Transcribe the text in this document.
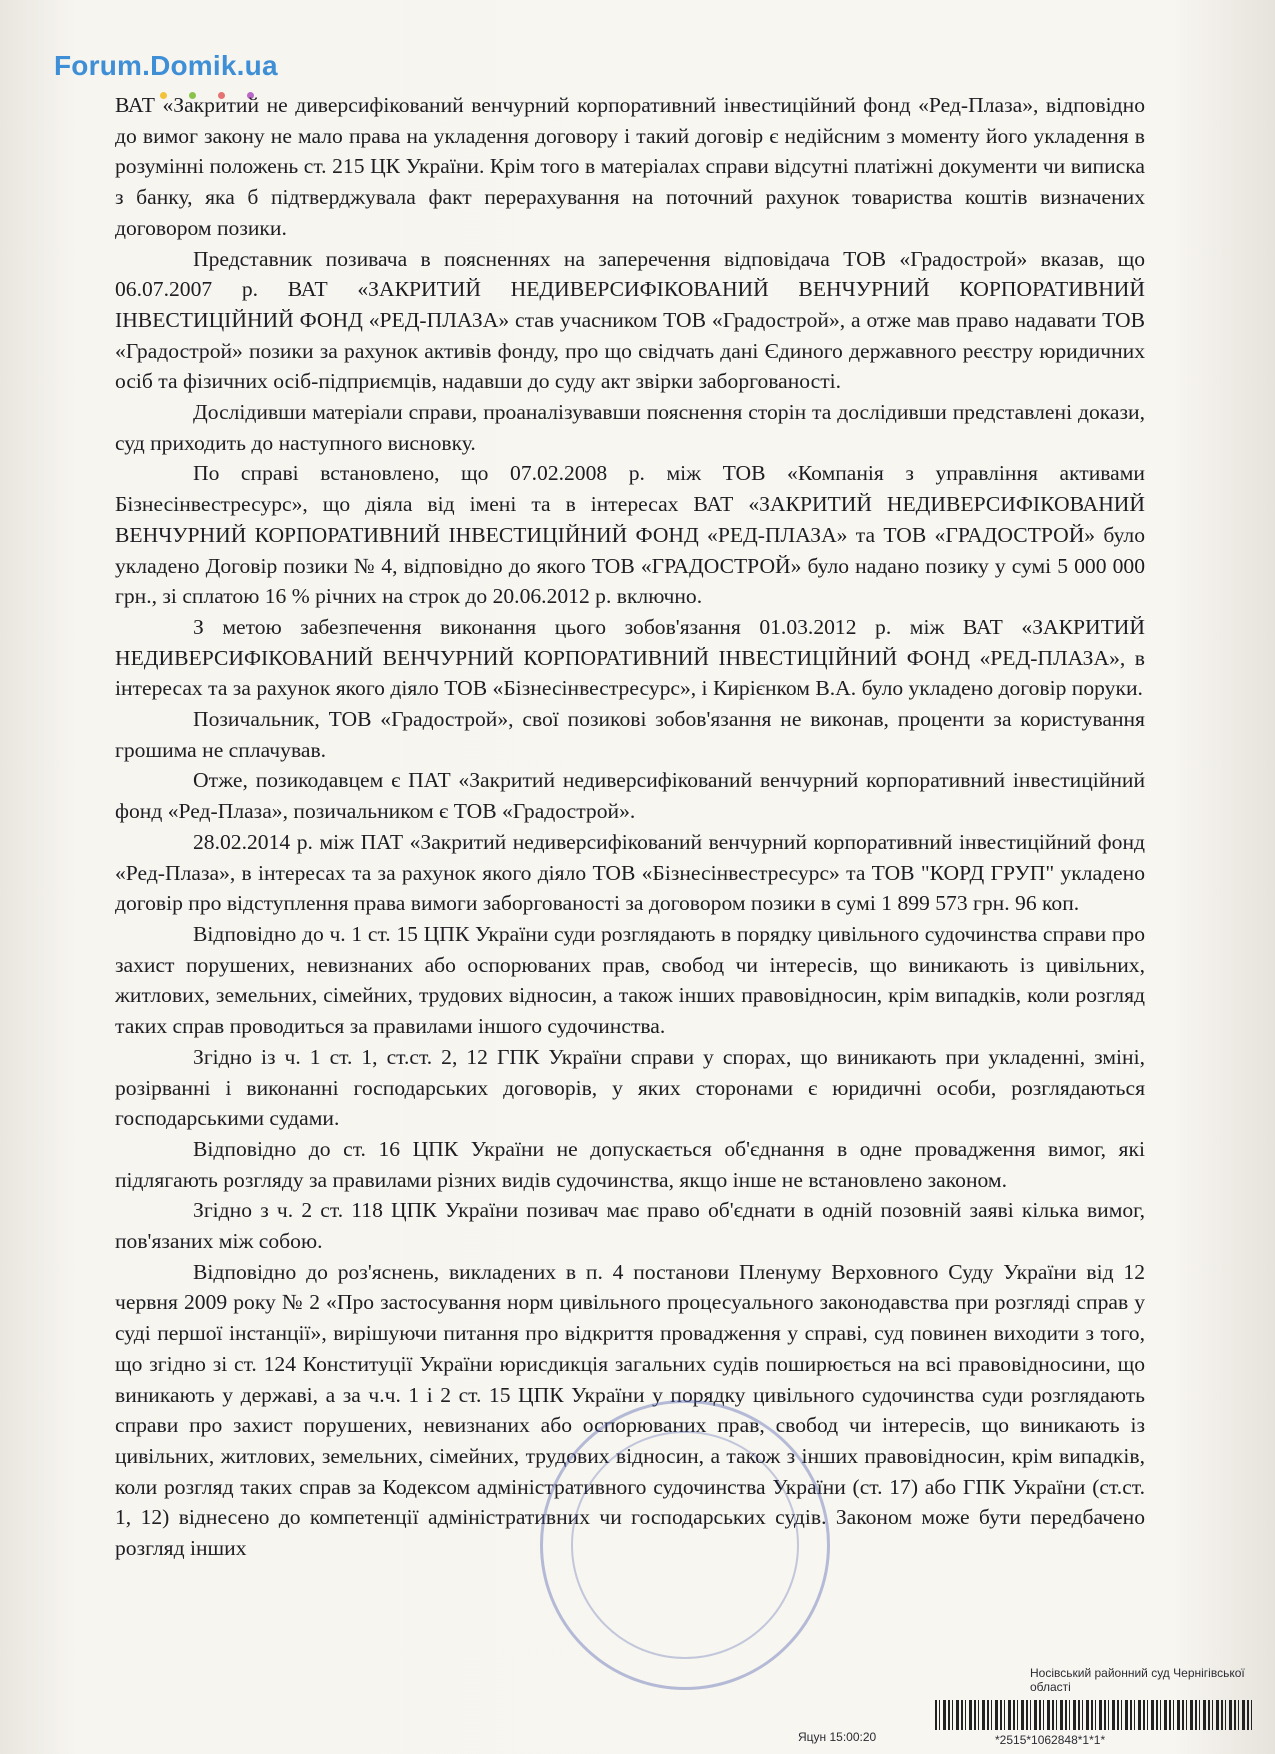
Forum.Domik.ua

ВАТ «Закритий не диверсифікований венчурний корпоративний інвестиційний фонд «Ред-Плаза», відповідно до вимог закону не мало права на укладення договору і такий договір є недійсним з моменту його укладення в розумінні положень ст. 215 ЦК України. Крім того в матеріалах справи відсутні платіжні документи чи виписка з банку, яка б підтверджувала факт перерахування на поточний рахунок товариства коштів визначених договором позики.

Представник позивача в поясненнях на заперечення відповідача ТОВ «Градострой» вказав, що 06.07.2007 р. ВАТ «ЗАКРИТИЙ НЕДИВЕРСИФІКОВАНИЙ ВЕНЧУРНИЙ КОРПОРАТИВНИЙ ІНВЕСТИЦІЙНИЙ ФОНД «РЕД-ПЛАЗА» став учасником ТОВ «Градострой», а отже мав право надавати ТОВ «Градострой» позики за рахунок активів фонду, про що свідчать дані Єдиного державного реєстру юридичних осіб та фізичних осіб-підприємців, надавши до суду акт звірки заборгованості.

Дослідивши матеріали справи, проаналізувавши пояснення сторін та дослідивши представлені докази, суд приходить до наступного висновку.

По справі встановлено, що 07.02.2008 р. між ТОВ «Компанія з управління активами Бізнесінвестресурс», що діяла від імені та в інтересах ВАТ «ЗАКРИТИЙ НЕДИВЕРСИФІКОВАНИЙ ВЕНЧУРНИЙ КОРПОРАТИВНИЙ ІНВЕСТИЦІЙНИЙ ФОНД «РЕД-ПЛАЗА» та ТОВ «ГРАДОСТРОЙ» було укладено Договір позики № 4, відповідно до якого ТОВ «ГРАДОСТРОЙ» було надано позику у сумі 5 000 000 грн., зі сплатою 16 % річних на строк до 20.06.2012 р. включно.

З метою забезпечення виконання цього зобов'язання 01.03.2012 р. між ВАТ «ЗАКРИТИЙ НЕДИВЕРСИФІКОВАНИЙ ВЕНЧУРНИЙ КОРПОРАТИВНИЙ ІНВЕСТИЦІЙНИЙ ФОНД «РЕД-ПЛАЗА», в інтересах та за рахунок якого діяло ТОВ «Бізнесінвестресурс», і Кирієнком В.А. було укладено договір поруки.

Позичальник, ТОВ «Градострой», свої позикові зобов'язання не виконав, проценти за користування грошима не сплачував.

Отже, позикодавцем є ПАТ «Закритий недиверсифікований венчурний корпоративний інвестиційний фонд «Ред-Плаза», позичальником є ТОВ «Градострой».

28.02.2014 р. між ПАТ «Закритий недиверсифікований венчурний корпоративний інвестиційний фонд «Ред-Плаза», в інтересах та за рахунок якого діяло ТОВ «Бізнесінвестресурс» та ТОВ "КОРД ГРУП" укладено договір про відступлення права вимоги заборгованості за договором позики в сумі 1 899 573 грн. 96 коп.

Відповідно до ч. 1 ст. 15 ЦПК України суди розглядають в порядку цивільного судочинства справи про захист порушених, невизнаних або оспорюваних прав, свобод чи інтересів, що виникають із цивільних, житлових, земельних, сімейних, трудових відносин, а також інших правовідносин, крім випадків, коли розгляд таких справ проводиться за правилами іншого судочинства.

Згідно із ч. 1 ст. 1, ст.ст. 2, 12 ГПК України справи у спорах, що виникають при укладенні, зміні, розірванні і виконанні господарських договорів, у яких сторонами є юридичні особи, розглядаються господарськими судами.

Відповідно до ст. 16 ЦПК України не допускається об'єднання в одне провадження вимог, які підлягають розгляду за правилами різних видів судочинства, якщо інше не встановлено законом.

Згідно з ч. 2 ст. 118 ЦПК України позивач має право об'єднати в одній позовній заяві кілька вимог, пов'язаних між собою.

Відповідно до роз'яснень, викладених в п. 4 постанови Пленуму Верховного Суду України від 12 червня 2009 року № 2 «Про застосування норм цивільного процесуального законодавства при розгляді справ у суді першої інстанції», вирішуючи питання про відкриття провадження у справі, суд повинен виходити з того, що згідно зі ст. 124 Конституції України юрисдикція загальних судів поширюється на всі правовідносини, що виникають у державі, а за ч.ч. 1 і 2 ст. 15 ЦПК України у порядку цивільного судочинства суди розглядають справи про захист порушених, невизнаних або оспорюваних прав, свобод чи інтересів, що виникають із цивільних, житлових, земельних, сімейних, трудових відносин, а також з інших правовідносин, крім випадків, коли розгляд таких справ за Кодексом адміністративного судочинства України (ст. 17) або ГПК України (ст.ст. 1, 12) віднесено до компетенції адміністративних чи господарських судів. Законом може бути передбачено розгляд інших

Носівський районний суд Чернігівської області
Яцун 15:00:20	*2515*1062848*1*1*
